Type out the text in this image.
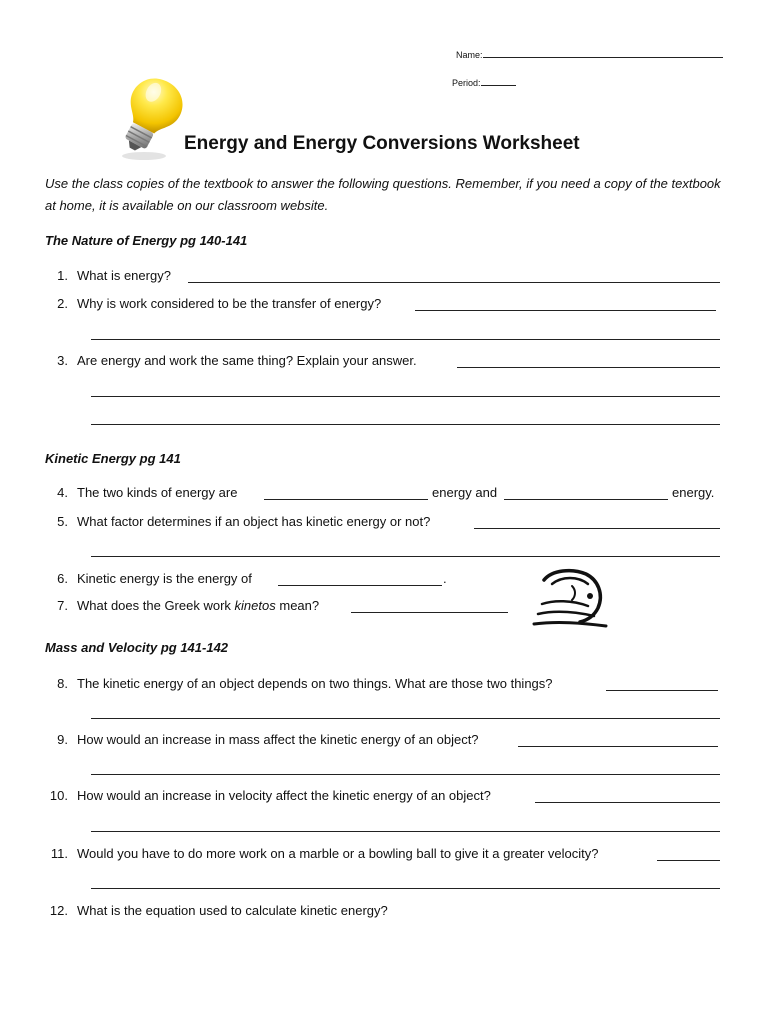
Name:
Period:
Energy and Energy Conversions Worksheet
Use the class copies of the textbook to answer the following questions. Remember, if you need a copy of the textbook at home, it is available on our classroom website.
The Nature of Energy pg 140-141
1. What is energy?
2. Why is work considered to be the transfer of energy?
3. Are energy and work the same thing? Explain your answer.
Kinetic Energy pg 141
4. The two kinds of energy are	energy and	energy.
5. What factor determines if an object has kinetic energy or not?
6. Kinetic energy is the energy of	.
7. What does the Greek work kinetos mean?
Mass and Velocity pg 141-142
8. The kinetic energy of an object depends on two things. What are those two things?
9. How would an increase in mass affect the kinetic energy of an object?
10. How would an increase in velocity affect the kinetic energy of an object?
11. Would you have to do more work on a marble or a bowling ball to give it a greater velocity?
12. What is the equation used to calculate kinetic energy?
